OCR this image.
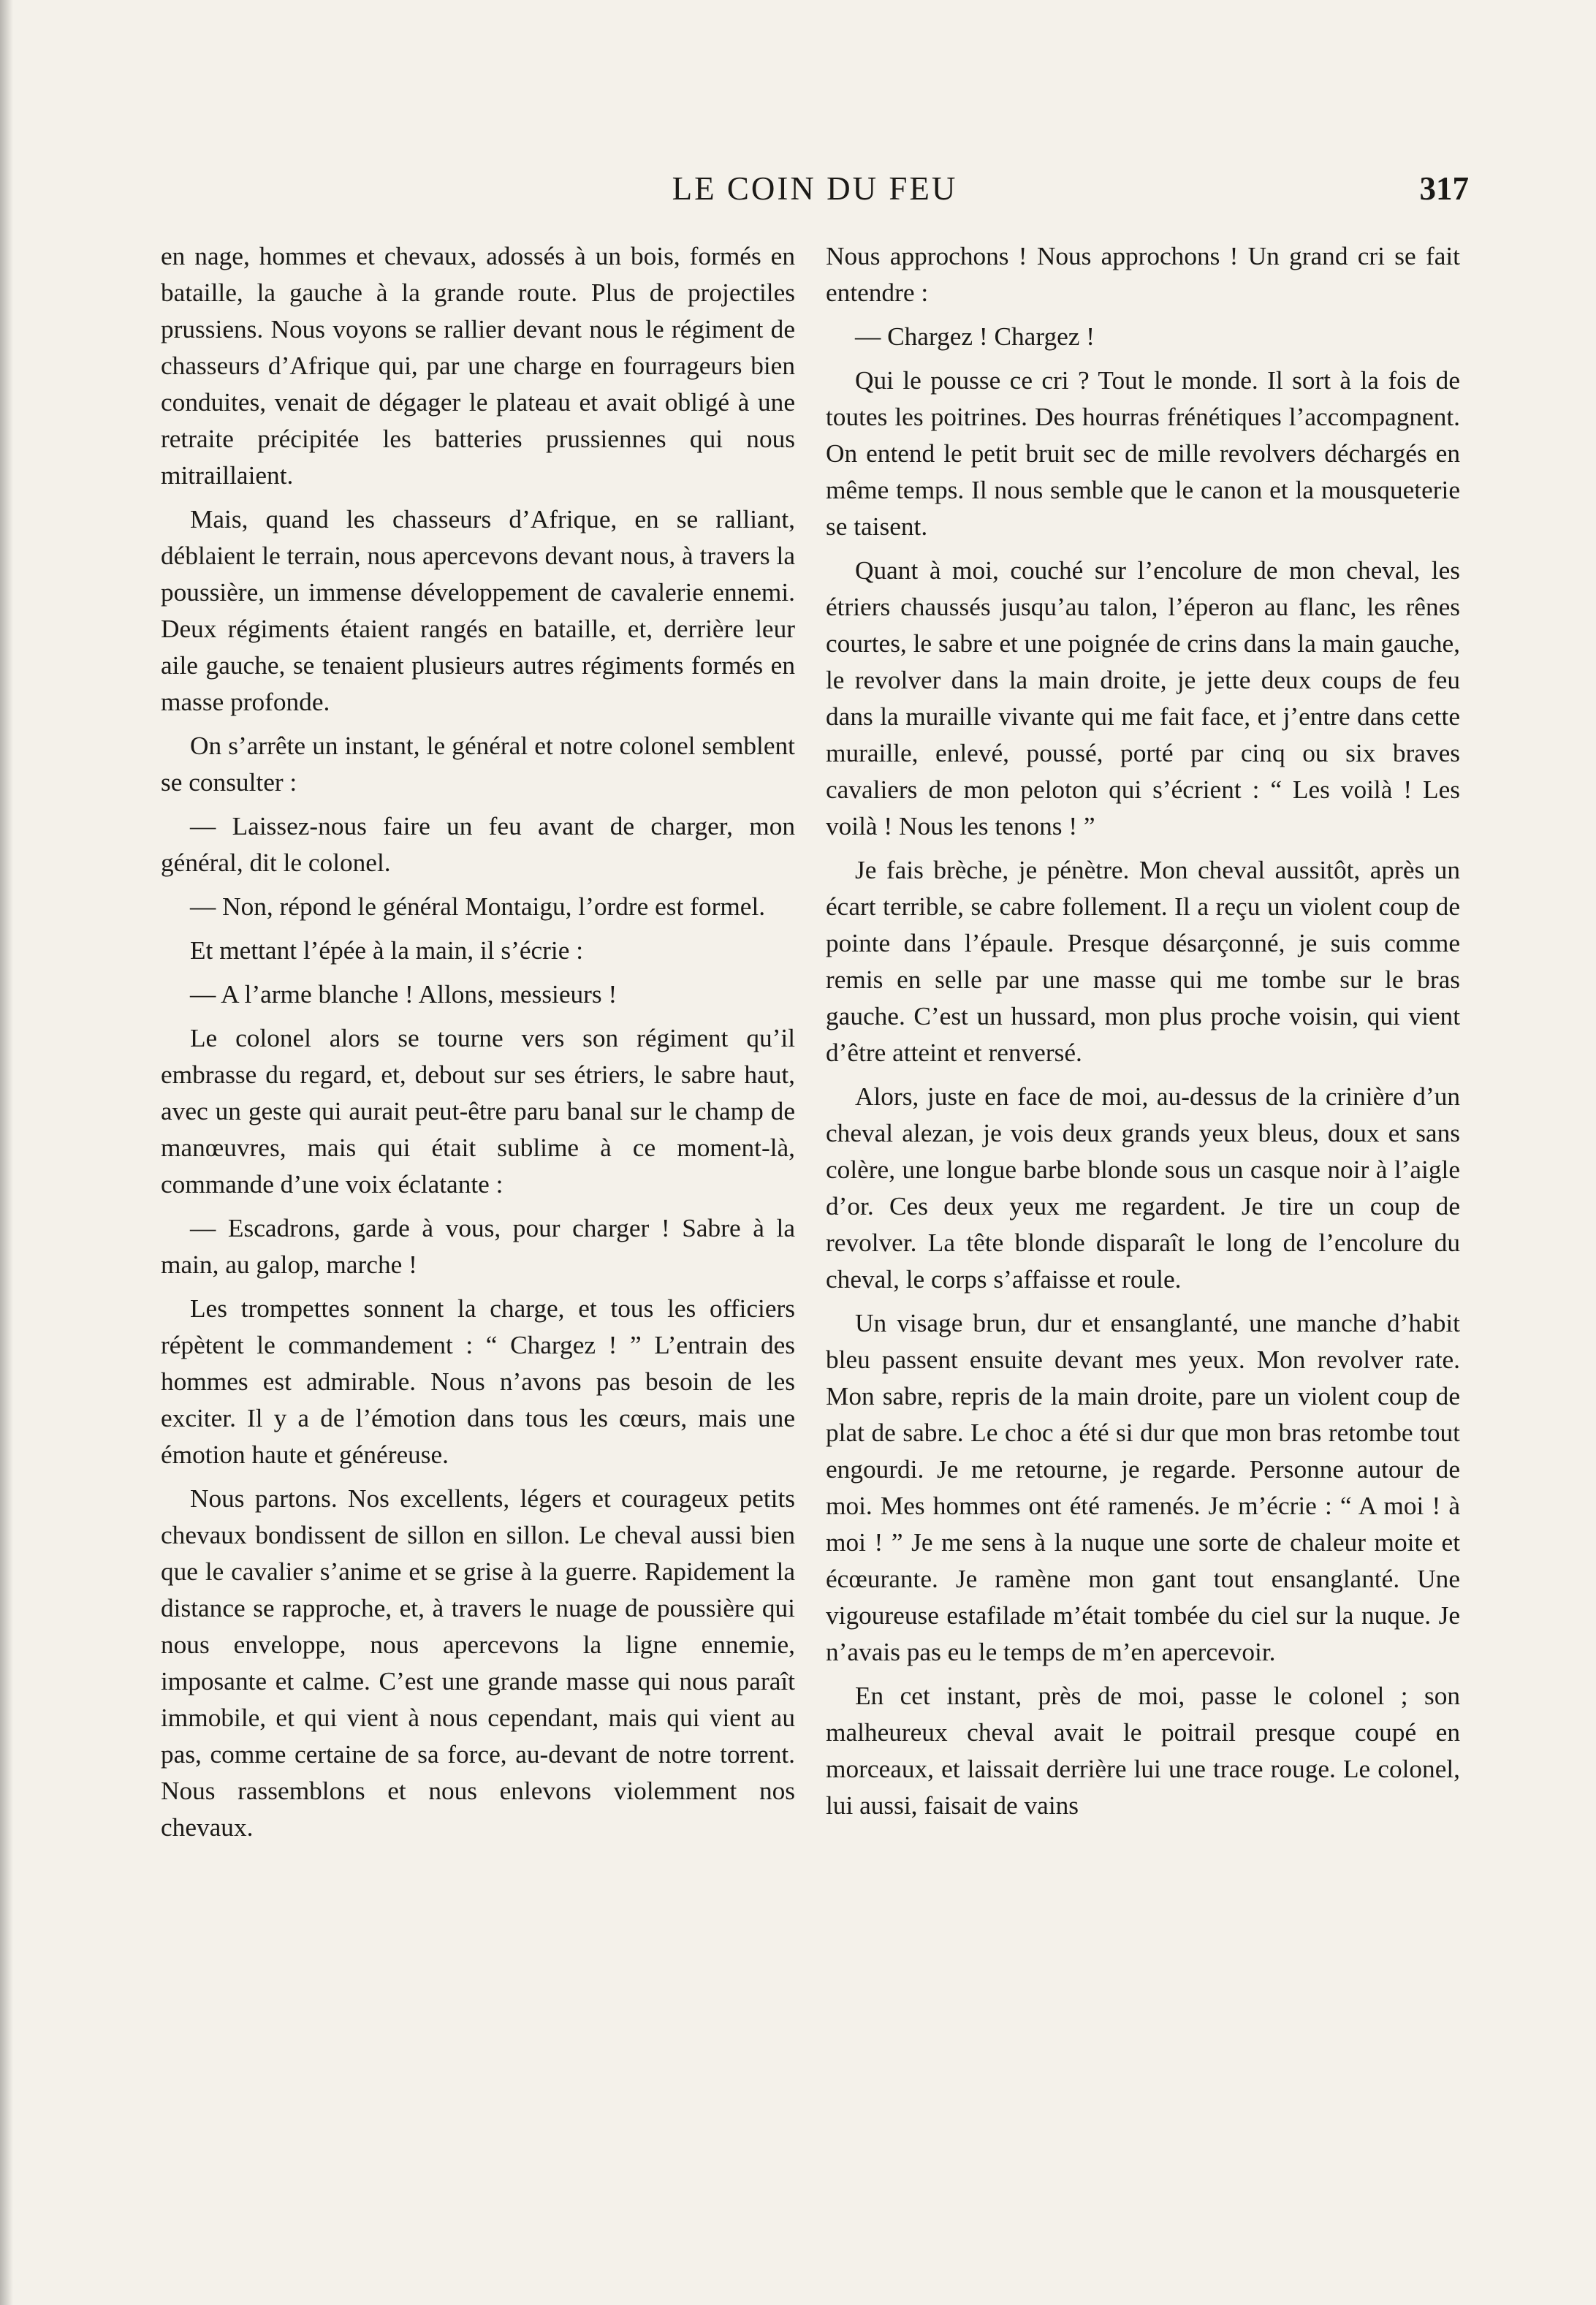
LE COIN DU FEU	317

en nage, hommes et chevaux, adossés à un bois, formés en bataille, la gauche à la grande route. Plus de projectiles prussiens. Nous voyons se rallier devant nous le régiment de chasseurs d’Afrique qui, par une charge en fourrageurs bien conduites, venait de dégager le plateau et avait obligé à une retraite précipitée les batteries prussiennes qui nous mitraillaient.

Mais, quand les chasseurs d’Afrique, en se ralliant, déblaient le terrain, nous apercevons devant nous, à travers la poussière, un immense développement de cavalerie ennemi. Deux régiments étaient rangés en bataille, et, derrière leur aile gauche, se tenaient plusieurs autres régiments formés en masse profonde.

On s’arrête un instant, le général et notre colonel semblent se consulter :

— Laissez-nous faire un feu avant de charger, mon général, dit le colonel.

— Non, répond le général Montaigu, l’ordre est formel.

Et mettant l’épée à la main, il s’écrie :

— A l’arme blanche ! Allons, messieurs !

Le colonel alors se tourne vers son régiment qu’il embrasse du regard, et, debout sur ses étriers, le sabre haut, avec un geste qui aurait peut-être paru banal sur le champ de manœuvres, mais qui était sublime à ce moment-là, commande d’une voix éclatante :

— Escadrons, garde à vous, pour charger ! Sabre à la main, au galop, marche !

Les trompettes sonnent la charge, et tous les officiers répètent le commandement : “ Chargez ! ” L’entrain des hommes est admirable. Nous n’avons pas besoin de les exciter. Il y a de l’émotion dans tous les cœurs, mais une émotion haute et généreuse.

Nous partons. Nos excellents, légers et courageux petits chevaux bondissent de sillon en sillon. Le cheval aussi bien que le cavalier s’anime et se grise à la guerre. Rapidement la distance se rapproche, et, à travers le nuage de poussière qui nous enveloppe, nous apercevons la ligne ennemie, imposante et calme. C’est une grande masse qui nous paraît immobile, et qui vient à nous cependant, mais qui vient au pas, comme certaine de sa force, au-devant de notre torrent. Nous rassemblons et nous enlevons violemment nos chevaux.

Nous approchons ! Nous approchons ! Un grand cri se fait entendre :

— Chargez ! Chargez !

Qui le pousse ce cri ? Tout le monde. Il sort à la fois de toutes les poitrines. Des hourras frénétiques l’accompagnent. On entend le petit bruit sec de mille revolvers déchargés en même temps. Il nous semble que le canon et la mousqueterie se taisent.

Quant à moi, couché sur l’encolure de mon cheval, les étriers chaussés jusqu’au talon, l’éperon au flanc, les rênes courtes, le sabre et une poignée de crins dans la main gauche, le revolver dans la main droite, je jette deux coups de feu dans la muraille vivante qui me fait face, et j’entre dans cette muraille, enlevé, poussé, porté par cinq ou six braves cavaliers de mon peloton qui s’écrient : “ Les voilà ! Les voilà ! Nous les tenons ! ”

Je fais brèche, je pénètre. Mon cheval aussitôt, après un écart terrible, se cabre follement. Il a reçu un violent coup de pointe dans l’épaule. Presque désarçonné, je suis comme remis en selle par une masse qui me tombe sur le bras gauche. C’est un hussard, mon plus proche voisin, qui vient d’être atteint et renversé.

Alors, juste en face de moi, au-dessus de la crinière d’un cheval alezan, je vois deux grands yeux bleus, doux et sans colère, une longue barbe blonde sous un casque noir à l’aigle d’or. Ces deux yeux me regardent. Je tire un coup de revolver. La tête blonde disparaît le long de l’encolure du cheval, le corps s’affaisse et roule.

Un visage brun, dur et ensanglanté, une manche d’habit bleu passent ensuite devant mes yeux. Mon revolver rate. Mon sabre, repris de la main droite, pare un violent coup de plat de sabre. Le choc a été si dur que mon bras retombe tout engourdi. Je me retourne, je regarde. Personne autour de moi. Mes hommes ont été ramenés. Je m’écrie : “ A moi ! à moi ! ” Je me sens à la nuque une sorte de chaleur moite et écœurante. Je ramène mon gant tout ensanglanté. Une vigoureuse estafilade m’était tombée du ciel sur la nuque. Je n’avais pas eu le temps de m’en apercevoir.

En cet instant, près de moi, passe le colonel ; son malheureux cheval avait le poitrail presque coupé en morceaux, et laissait derrière lui une trace rouge. Le colonel, lui aussi, faisait de vains
